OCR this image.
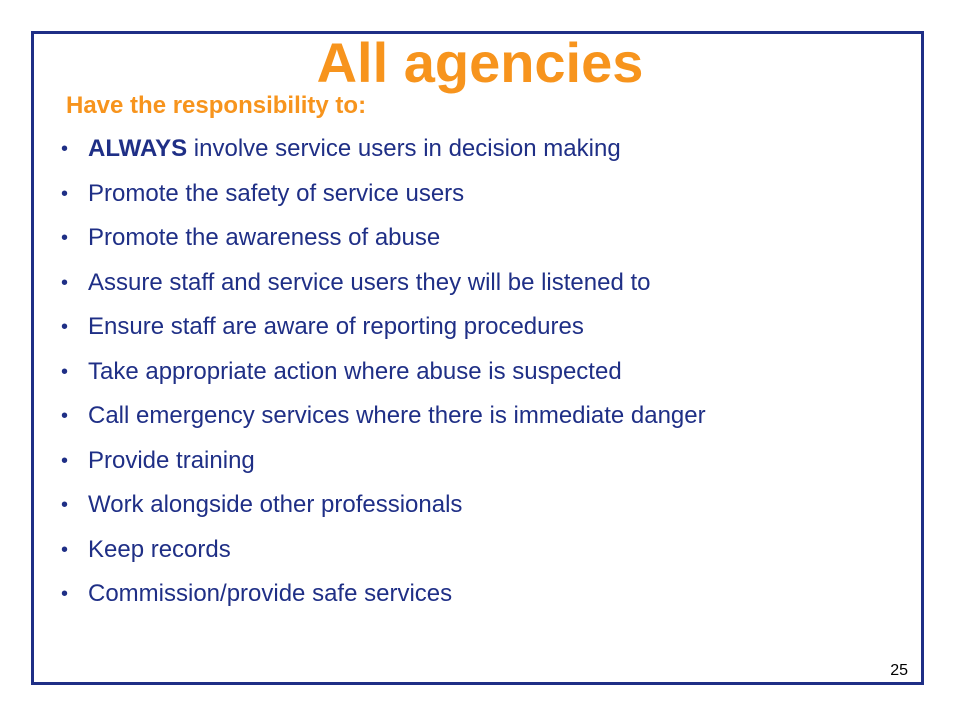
All agencies

Have the responsibility to:

• ALWAYS involve service users in decision making
• Promote the safety of service users
• Promote the awareness of abuse
• Assure staff and service users they will be listened to
• Ensure staff are aware of reporting procedures
• Take appropriate action where abuse is suspected
• Call emergency services where there is immediate danger
• Provide training
• Work alongside other professionals
• Keep records
• Commission/provide safe services
25
